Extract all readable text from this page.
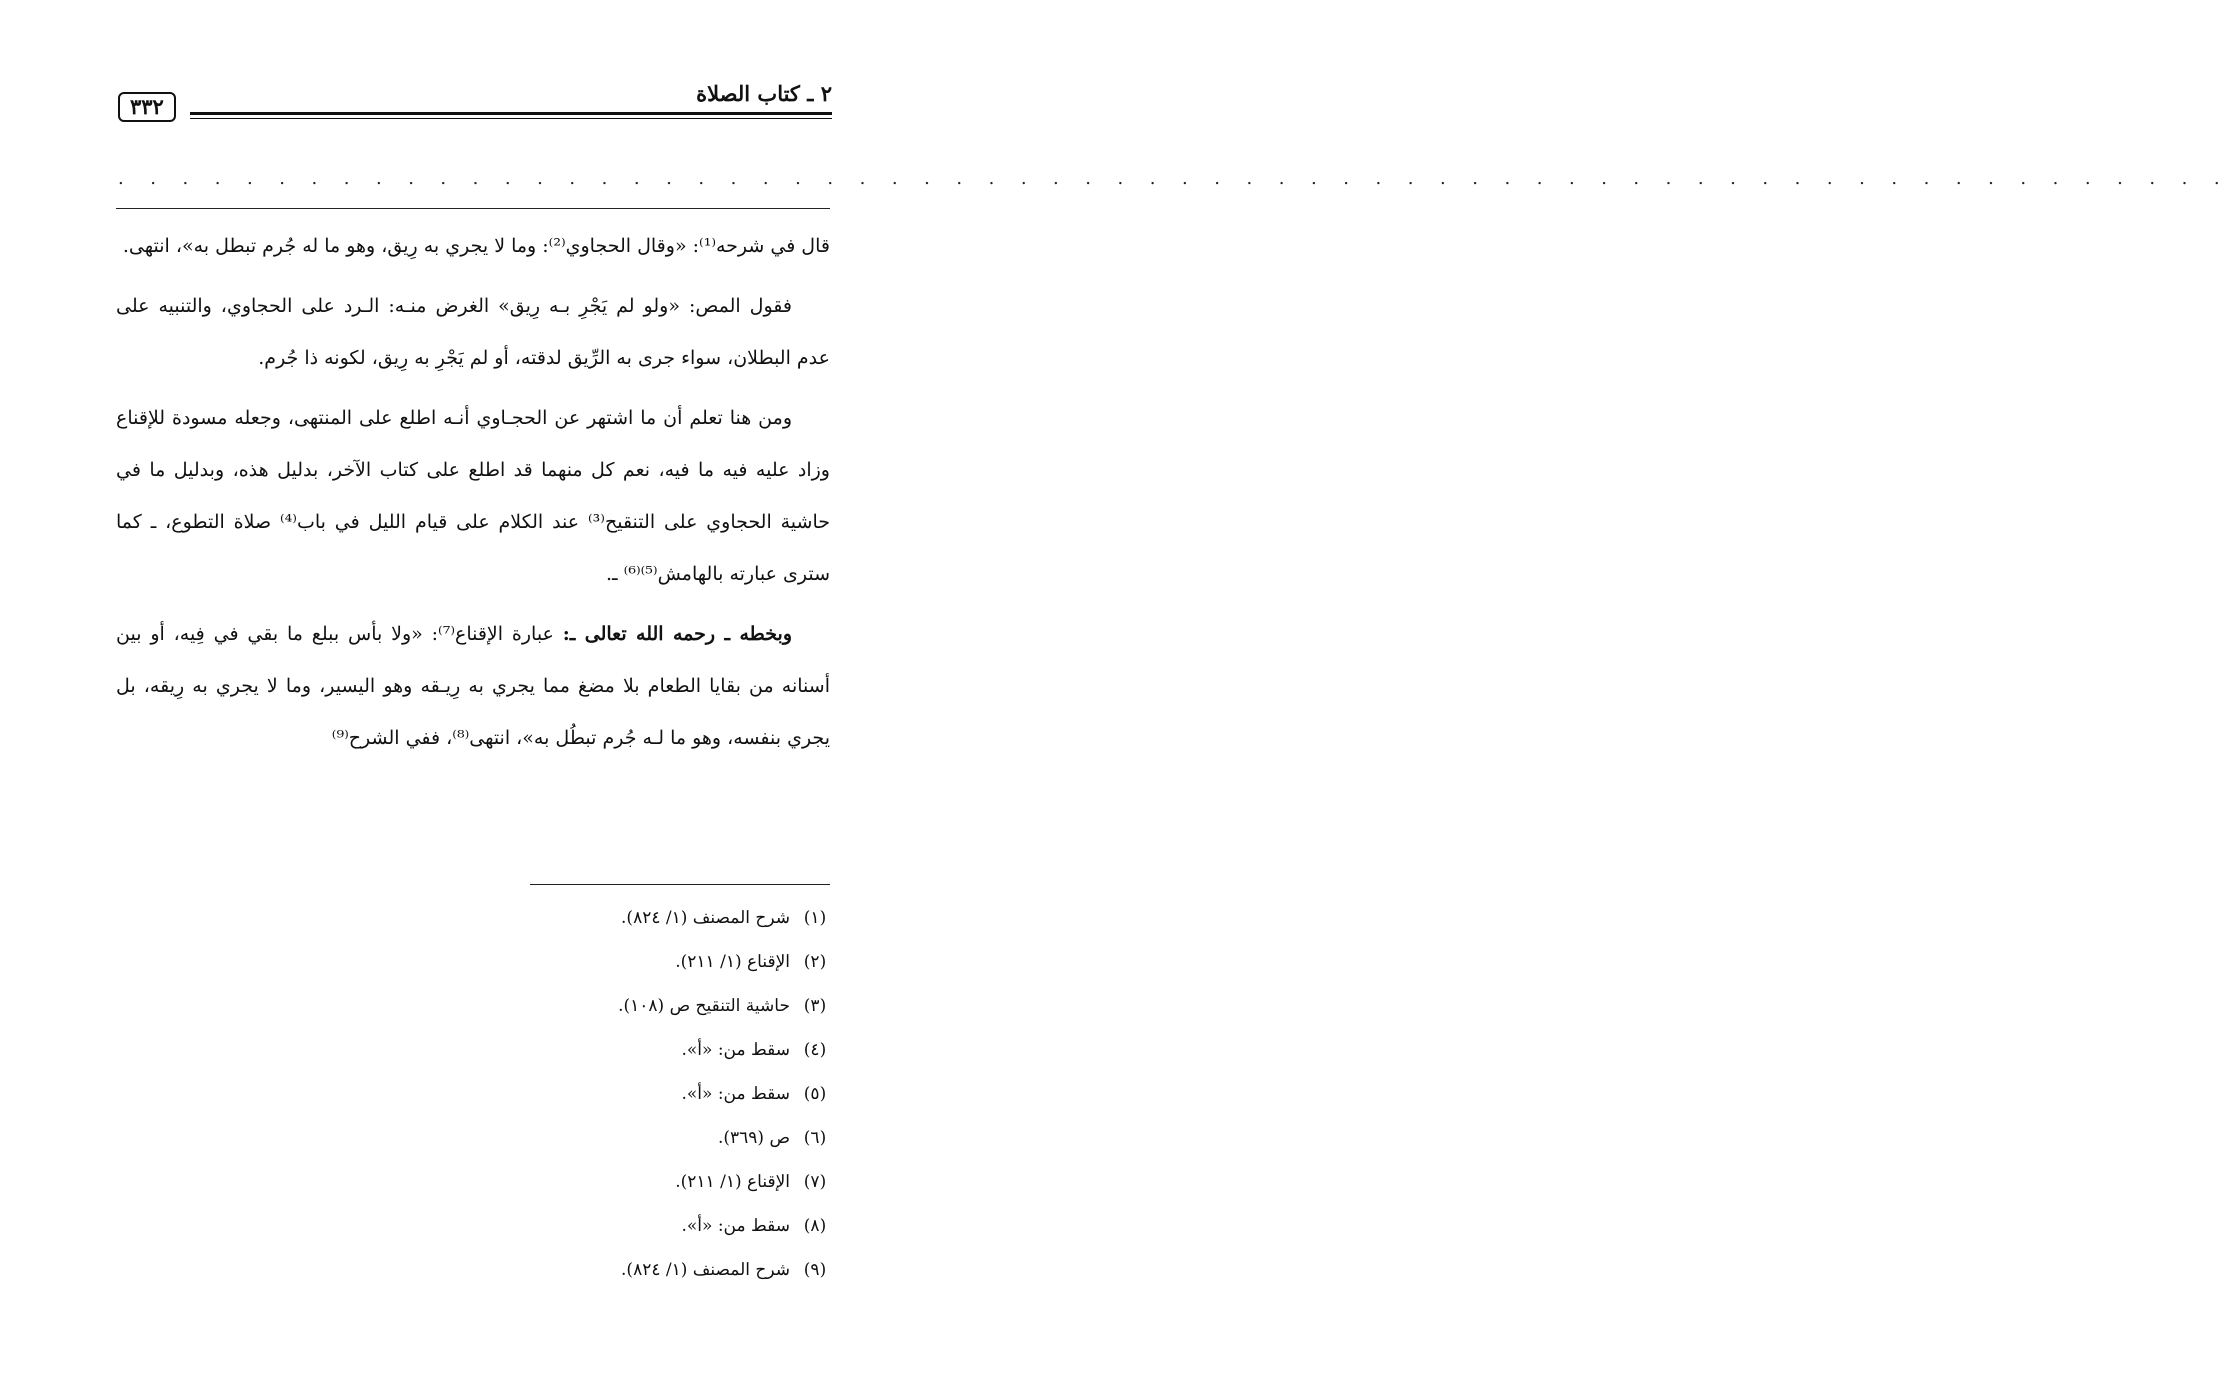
٣٣٢
٢ ـ كتاب الصلاة
. . . . . . . . . . . . . . . . . . . . . . . . . . . . . . . . . . . . . . . . . . . . . . . . . . . . . . . . . . . . . . . . . .

قال في شرحه⁽¹⁾: «وقال الحجاوي⁽²⁾: وما لا يجري به رِيق، وهو ما له جُرم تبطل به»، انتهى.

فقول المص: «ولو لم يَجْرِ بـه رِيق» الغرض منـه: الـرد على الحجاوي، والتنبيه على عدم البطلان، سواء جرى به الرِّيق لدقته، أو لم يَجْرِ به رِيق، لكونه ذا جُرم.

ومن هنا تعلم أن ما اشتهر عن الحجـاوي أنـه اطلع على المنتهى، وجعله مسودة للإقناع وزاد عليه فيه ما فيه، نعم كل منهما قد اطلع على كتاب الآخر، بدليل هذه، وبدليل ما في حاشية الحجاوي على التنقيح⁽³⁾ عند الكلام على قيام الليل في باب⁽⁴⁾ صلاة التطوع، ـ كما سترى عبارته بالهامش⁽⁵⁾⁽⁶⁾ ـ.

وبخطه ـ رحمه الله تعالى ـ: عبارة الإقناع⁽⁷⁾: «ولا بأس ببلع ما بقي في فِيه، أو بين أسنانه من بقايا الطعام بلا مضغ مما يجري به رِيـقه وهو اليسير، وما لا يجري به رِيقه، بل يجري بنفسه، وهو ما لـه جُرم تبطُل به»، انتهى⁽⁸⁾، ففي الشرح⁽⁹⁾

(١)شرح المصنف (١/ ٨٢٤).
(٢)الإقناع (١/ ٢١١).
(٣)حاشية التنقيح ص (١٠٨).
(٤)سقط من: «أ».
(٥)سقط من: «أ».
(٦)ص (٣٦٩).
(٧)الإقناع (١/ ٢١١).
(٨)سقط من: «أ».
(٩)شرح المصنف (١/ ٨٢٤).
